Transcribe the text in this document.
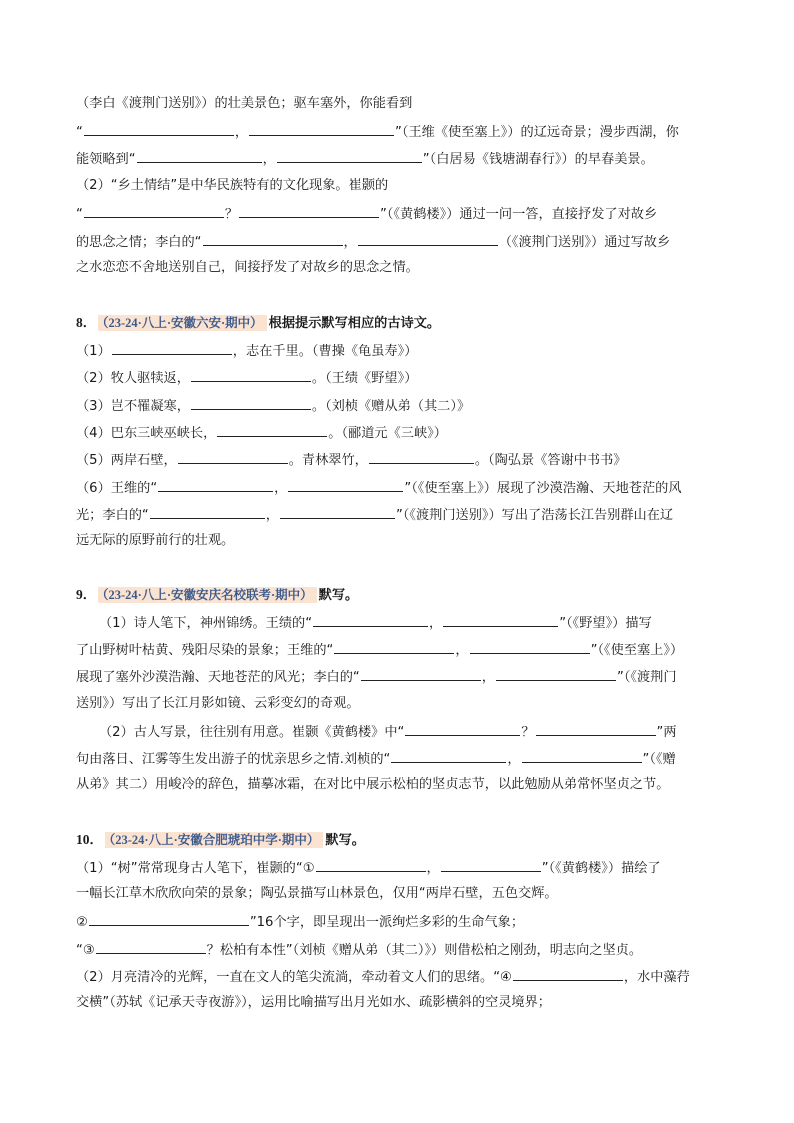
（李白《渡荆门送别》）的壮美景色；驱车塞外，你能看到
“	，	”（王维《使至塞上》）的辽远奇景；漫步西湖，你
能领略到“	，	”（白居易《钱塘湖春行》）的早春美景。
（2）“乡土情结”是中华民族特有的文化现象。崔颢的
“	？	”（《黄鹤楼》）通过一问一答，直接抒发了对故乡
的思念之情；李白的“	，	（《渡荆门送别》）通过写故乡
之水恋恋不舍地送别自己，间接抒发了对故乡的思念之情。
8． （23-24·八上·安徽六安·期中） 根据提示默写相应的古诗文。
（1）	，志在千里。（曹操《龟虽寿》）
（2）牧人驱犊返，	。（王绩《野望》）
（3）岂不罹凝寒，	。（刘桢《赠从弟（其二）》
（4）巴东三峡巫峡长，	。（郦道元《三峡》）
（5）两岸石壁，	。青林翠竹，	。（陶弘景《答谢中书书》
（6）王维的“	，	”（《使至塞上》）展现了沙漠浩瀚、天地苍茫的风
光；李白的“	，	”（《渡荆门送别》）写出了浩荡长江告别群山在辽
远无际的原野前行的壮观。
9． （23-24·八上·安徽安庆名校联考·期中） 默写。
（1）诗人笔下，神州锦绣。王绩的“	，	”（《野望》）描写
了山野树叶枯黄、残阳尽染的景象；王维的“	，	”（《使至塞上》）
展现了塞外沙漠浩瀚、天地苍茫的风光；李白的“	，	”（《渡荆门
送别》）写出了长江月影如镜、云彩变幻的奇观。
（2）古人写景，往往别有用意。崔颢《黄鹤楼》中“	？	”两
句由落日、江雾等生发出游子的忧亲思乡之情.刘桢的“	，	”（《赠
从弟》其二）用峻冷的辞色，描摹冰霜，在对比中展示松柏的坚贞志节，以此勉励从弟常怀坚贞之节。
10． （23-24·八上·安徽合肥琥珀中学·期中） 默写。
（1）“树”常常现身古人笔下，崔颢的“①	，	”（《黄鹤楼》）描绘了
一幅长江草木欣欣向荣的景象；陶弘景描写山林景色，仅用“两岸石壁，五色交辉。
②	”16个字，即呈现出一派绚烂多彩的生命气象；
“③	？松柏有本性”（刘桢《赠从弟（其二）》）则借松柏之刚劲，明志向之坚贞。
（2）月亮清冷的光辉，一直在文人的笔尖流淌，牵动着文人们的思绪。“④	，水中藻荇
交横”（苏轼《记承天寺夜游》），运用比喻描写出月光如水、疏影横斜的空灵境界；
